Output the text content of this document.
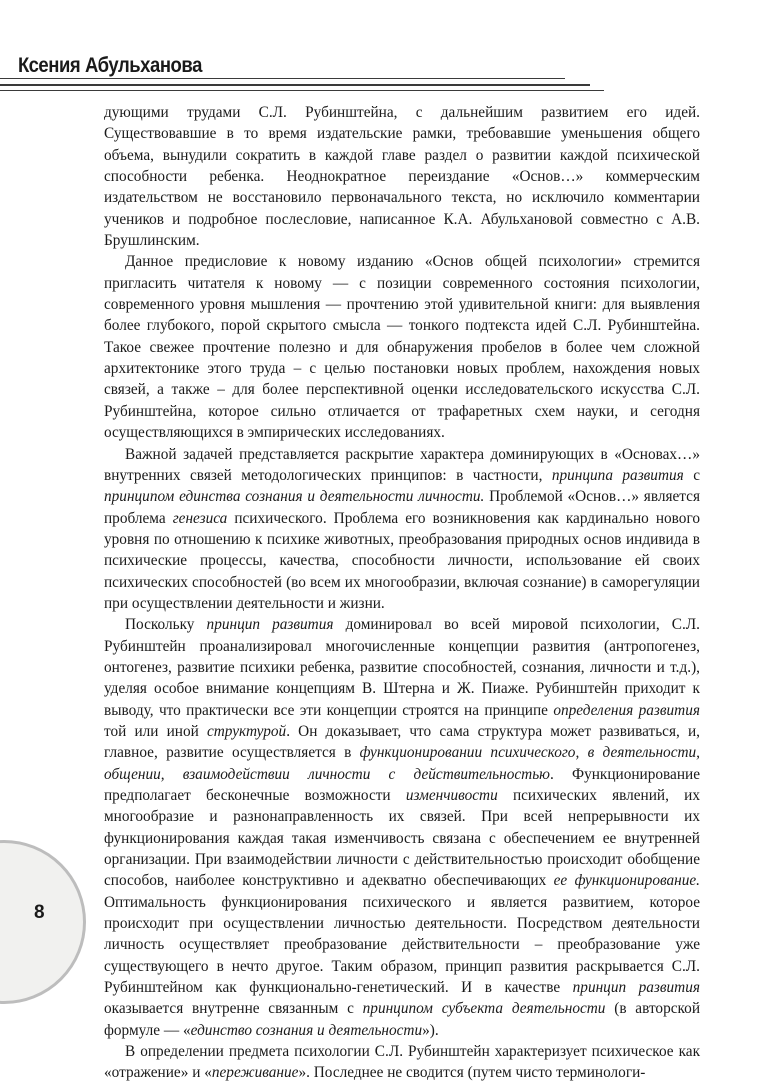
Ксения Абульханова

дующими трудами С.Л. Рубинштейна, с дальнейшим развитием его идей. Существовавшие в то время издательские рамки, требовавшие уменьшения общего объема, вынудили сократить в каждой главе раздел о развитии каждой психической способности ребенка. Неоднократное переиздание «Основ…» коммерческим издательством не восстановило первоначального текста, но исключило комментарии учеников и подробное послесловие, написанное К.А. Абульхановой совместно с А.В. Брушлинским.

Данное предисловие к новому изданию «Основ общей психологии» стремится пригласить читателя к новому — с позиции современного состояния психологии, современного уровня мышления — прочтению этой удивительной книги: для выявления более глубокого, порой скрытого смысла — тонкого подтекста идей С.Л. Рубинштейна. Такое свежее прочтение полезно и для обнаружения пробелов в более чем сложной архитектонике этого труда – с целью постановки новых проблем, нахождения новых связей, а также – для более перспективной оценки исследовательского искусства С.Л. Рубинштейна, которое сильно отличается от трафаретных схем науки, и сегодня осуществляющихся в эмпирических исследованиях.

Важной задачей представляется раскрытие характера доминирующих в «Основах…» внутренних связей методологических принципов: в частности, принципа развития с принципом единства сознания и деятельности личности. Проблемой «Основ…» является проблема генезиса психического. Проблема его возникновения как кардинально нового уровня по отношению к психике животных, преобразования природных основ индивида в психические процессы, качества, способности личности, использование ей своих психических способностей (во всем их многообразии, включая сознание) в саморегуляции при осуществлении деятельности и жизни.

Поскольку принцип развития доминировал во всей мировой психологии, С.Л. Рубинштейн проанализировал многочисленные концепции развития (антропогенез, онтогенез, развитие психики ребенка, развитие способностей, сознания, личности и т.д.), уделяя особое внимание концепциям В. Штерна и Ж. Пиаже. Рубинштейн приходит к выводу, что практически все эти концепции строятся на принципе определения развития той или иной структурой. Он доказывает, что сама структура может развиваться, и, главное, развитие осуществляется в функционировании психического, в деятельности, общении, взаимодействии личности с действительностью. Функционирование предполагает бесконечные возможности изменчивости психических явлений, их многообразие и разнонаправленность их связей. При всей непрерывности их функционирования каждая такая изменчивость связана с обеспечением ее внутренней организации. При взаимодействии личности с действительностью происходит обобщение способов, наиболее конструктивно и адекватно обеспечивающих ее функционирование. Оптимальность функционирования психического и является развитием, которое происходит при осуществлении личностью деятельности. Посредством деятельности личность осуществляет преобразование действительности – преобразование уже существующего в нечто другое. Таким образом, принцип развития раскрывается С.Л. Рубинштейном как функционально-генетический. И в качестве принцип развития оказывается внутренне связанным с принципом субъекта деятельности (в авторской формуле — «единство сознания и деятельности»).

В определении предмета психологии С.Л. Рубинштейн характеризует психическое как «отражение» и «переживание». Последнее не сводится (путем чисто терминологи-

8
